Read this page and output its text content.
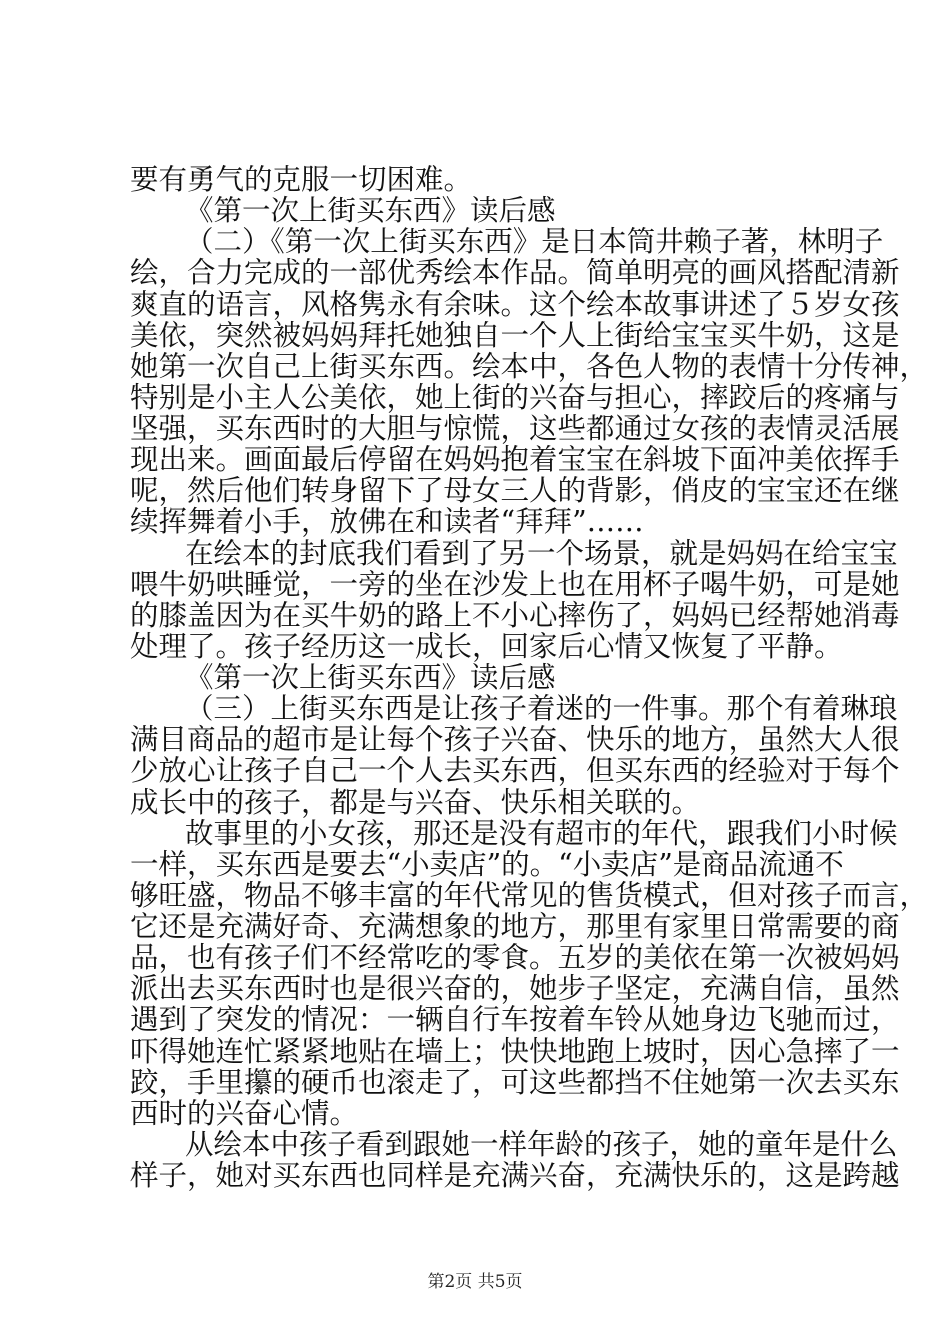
要有勇气的克服一切困难。
《第一次上街买东西》读后感
（二）《第一次上街买东西》是日本筒井赖子著，林明子
绘，合力完成的一部优秀绘本作品。简单明亮的画风搭配清新
爽直的语言，风格隽永有余味。这个绘本故事讲述了５岁女孩
美依，突然被妈妈拜托她独自一个人上街给宝宝买牛奶，这是
她第一次自己上街买东西。绘本中，各色人物的表情十分传神，
特别是小主人公美依，她上街的兴奋与担心，摔跤后的疼痛与
坚强，买东西时的大胆与惊慌，这些都通过女孩的表情灵活展
现出来。画面最后停留在妈妈抱着宝宝在斜坡下面冲美依挥手
呢，然后他们转身留下了母女三人的背影，俏皮的宝宝还在继
续挥舞着小手，放佛在和读者“拜拜”……
在绘本的封底我们看到了另一个场景，就是妈妈在给宝宝
喂牛奶哄睡觉，一旁的坐在沙发上也在用杯子喝牛奶，可是她
的膝盖因为在买牛奶的路上不小心摔伤了，妈妈已经帮她消毒
处理了。孩子经历这一成长，回家后心情又恢复了平静。
《第一次上街买东西》读后感
（三）上街买东西是让孩子着迷的一件事。那个有着琳琅
满目商品的超市是让每个孩子兴奋、快乐的地方，虽然大人很
少放心让孩子自己一个人去买东西，但买东西的经验对于每个
成长中的孩子，都是与兴奋、快乐相关联的。
故事里的小女孩，那还是没有超市的年代，跟我们小时候
一样，买东西是要去“小卖店”的。“小卖店”是商品流通不
够旺盛，物品不够丰富的年代常见的售货模式，但对孩子而言，
它还是充满好奇、充满想象的地方，那里有家里日常需要的商
品，也有孩子们不经常吃的零食。五岁的美依在第一次被妈妈
派出去买东西时也是很兴奋的，她步子坚定，充满自信，虽然
遇到了突发的情况：一辆自行车按着车铃从她身边飞驰而过，
吓得她连忙紧紧地贴在墙上；快快地跑上坡时，因心急摔了一
跤，手里攥的硬币也滚走了，可这些都挡不住她第一次去买东
西时的兴奋心情。
从绘本中孩子看到跟她一样年龄的孩子，她的童年是什么
样子，她对买东西也同样是充满兴奋，充满快乐的，这是跨越
第2页 共5页
